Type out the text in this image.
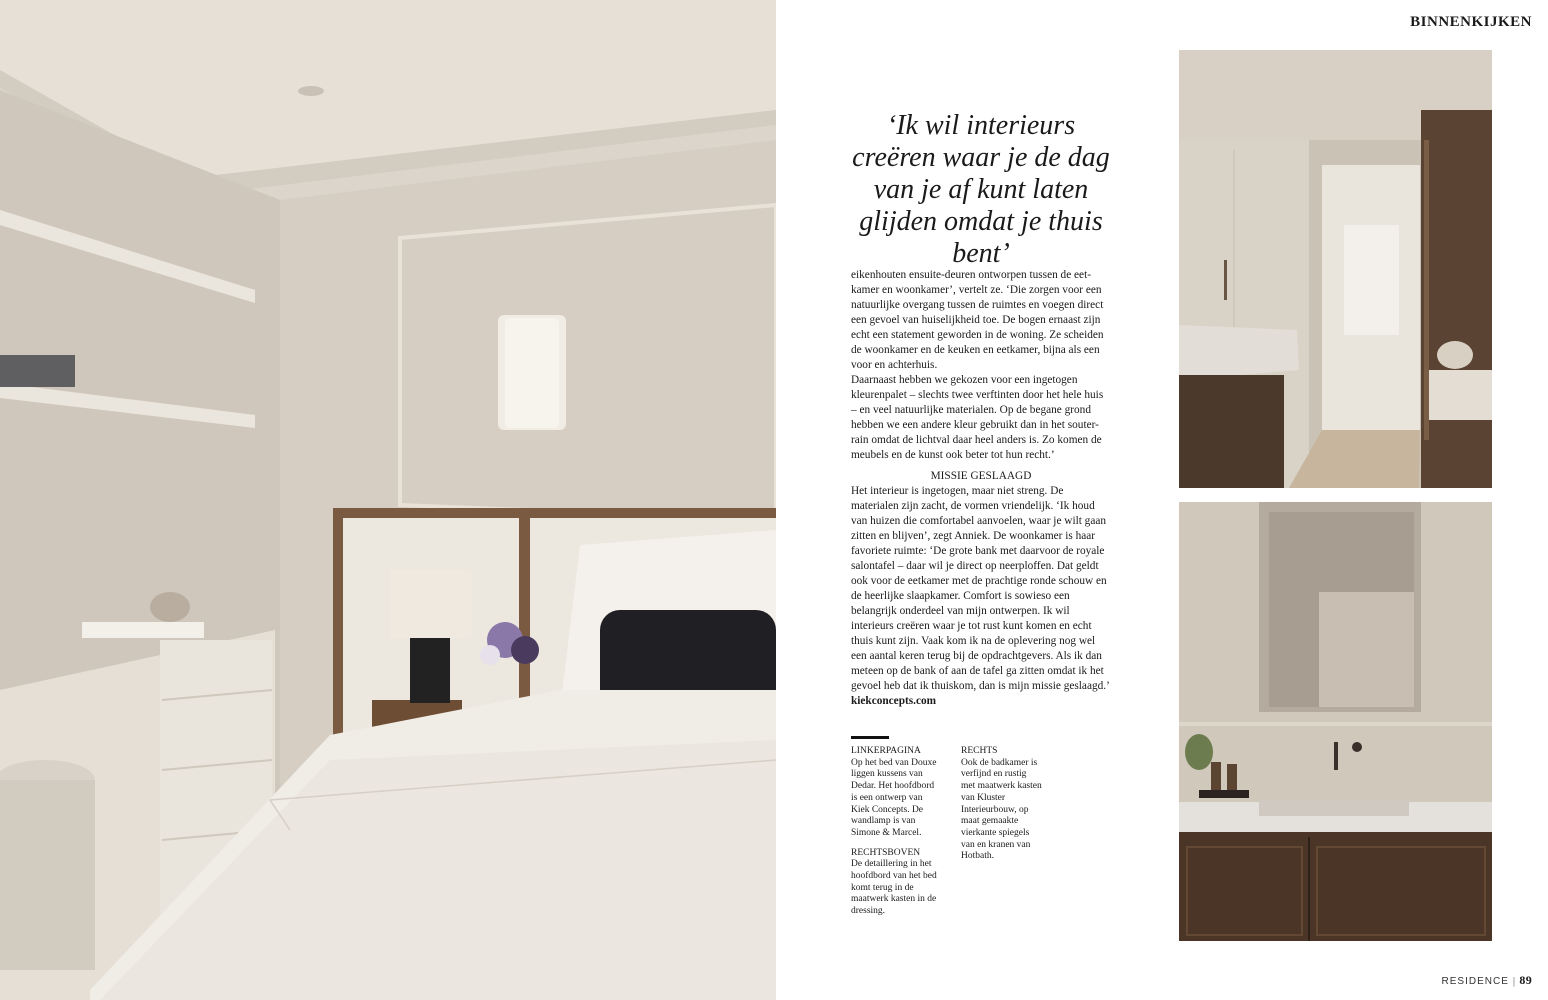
BINNENKIJKEN
‘Ik wil interieurs creëren waar je de dag van je af kunt laten glijden omdat je thuis bent’

eikenhouten ensuite-deuren ontworpen tussen de eet-kamer en woonkamer’, vertelt ze. ‘Die zorgen voor een natuurlijke overgang tussen de ruimtes en voegen direct een gevoel van huiselijkheid toe. De bogen ernaast zijn echt een statement geworden in de woning. Ze scheiden de woonkamer en de keuken en eetkamer, bijna als een voor en achterhuis.

Daarnaast hebben we gekozen voor een ingetogen kleurenpalet – slechts twee verftinten door het hele huis – en veel natuurlijke materialen. Op de begane grond hebben we een andere kleur gebruikt dan in het souter-rain omdat de lichtval daar heel anders is. Zo komen de meubels en de kunst ook beter tot hun recht.’

MISSIE GESLAAGD

Het interieur is ingetogen, maar niet streng. De materialen zijn zacht, de vormen vriendelijk. ‘Ik houd van huizen die comfortabel aanvoelen, waar je wilt gaan zitten en blijven’, zegt Anniek. De woonkamer is haar favoriete ruimte: ‘De grote bank met daarvoor de royale salontafel – daar wil je direct op neerploffen. Dat geldt ook voor de eetkamer met de prachtige ronde schouw en de heerlijke slaapkamer. Comfort is sowieso een belangrijk onderdeel van mijn ontwerpen. Ik wil interieurs creëren waar je tot rust kunt komen en echt thuis kunt zijn. Vaak kom ik na de oplevering nog wel een aantal keren terug bij de opdrachtgevers. Als ik dan meteen op de bank of aan de tafel ga zitten omdat ik het gevoel heb dat ik thuiskom, dan is mijn missie geslaagd.’ kiekconcepts.com

LINKERPAGINA
Op het bed van Douxe liggen kussens van Dedar. Het hoofdbord is een ontwerp van Kiek Concepts. De wandlamp is van Simone & Marcel.
RECHTSBOVEN
De detaillering in het hoofdbord van het bed komt terug in de maatwerk kasten in de dressing.
RECHTS
Ook de badkamer is verfijnd en rustig met maatwerk kasten van Kluster Interieurbouw, op maat gemaakte vierkante spiegels van en kranen van Hotbath.
RESIDENCE | 89
